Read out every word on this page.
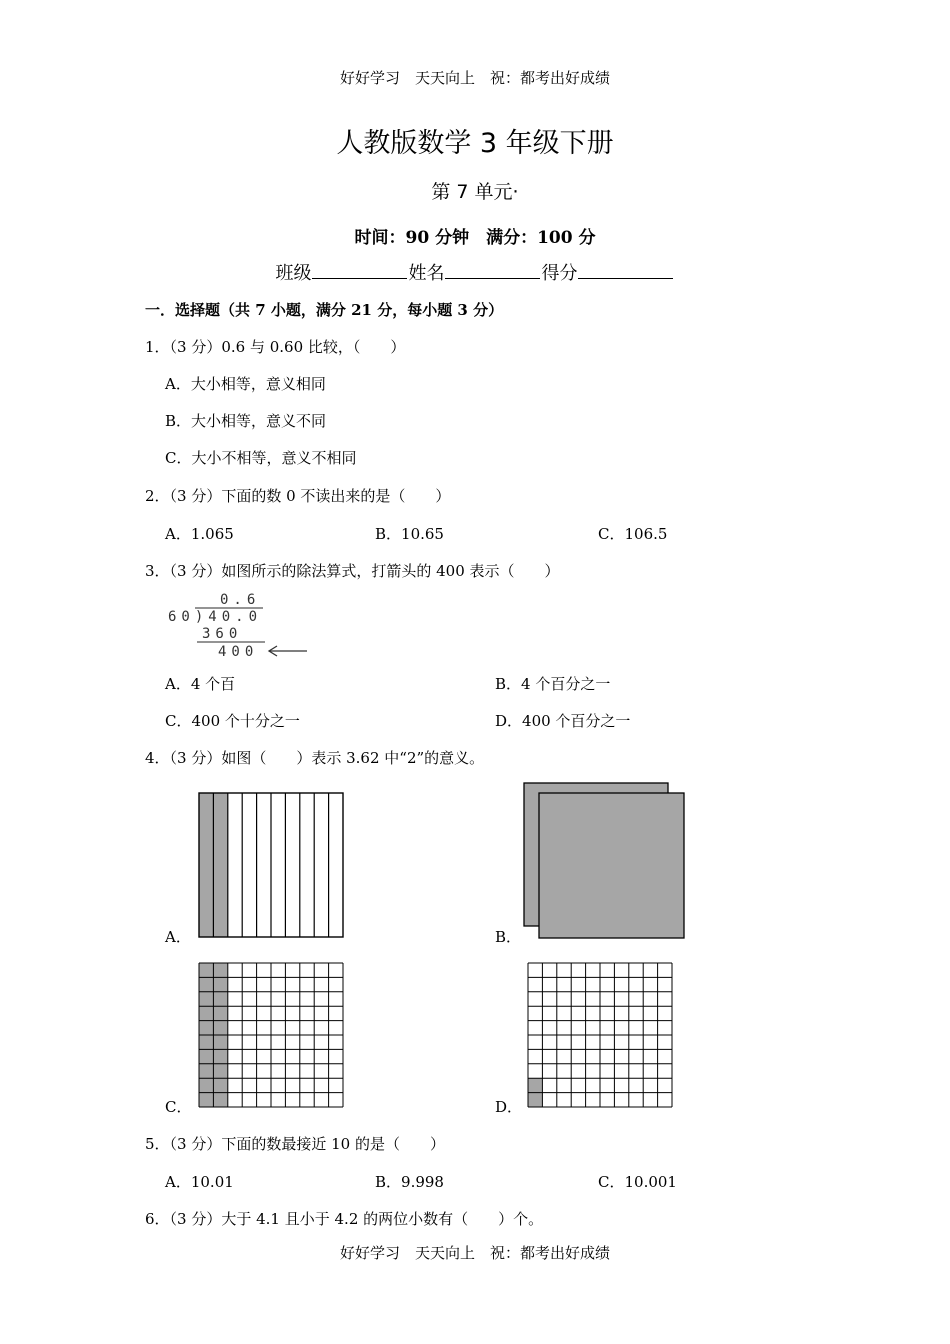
好好学习　天天向上　祝：都考出好成绩
人教版数学 3 年级下册
第 7 单元·
时间：90 分钟　满分：100 分
班级	姓名	得分
一．选择题（共 7 小题，满分 21 分，每小题 3 分）
1．（3 分）0.6 与 0.60 比较，（　　）
A．大小相等，意义相同
B．大小相等，意义不同
C．大小不相等，意义不相同
2．（3 分）下面的数 0 不读出来的是（　　）
A．1.065	B．10.65	C．106.5
3．（3 分）如图所示的除法算式，打箭头的 400 表示（　　）
0.6
60)40.0
360
400
A．4 个百	B．4 个百分之一
C．400 个十分之一	D．400 个百分之一
4．（3 分）如图（　　）表示 3.62 中“2”的意义。
A．	B．
C．	D．
5．（3 分）下面的数最接近 10 的是（　　）
A．10.01	B．9.998	C．10.001
6．（3 分）大于 4.1 且小于 4.2 的两位小数有（　　）个。
好好学习　天天向上　祝：都考出好成绩
